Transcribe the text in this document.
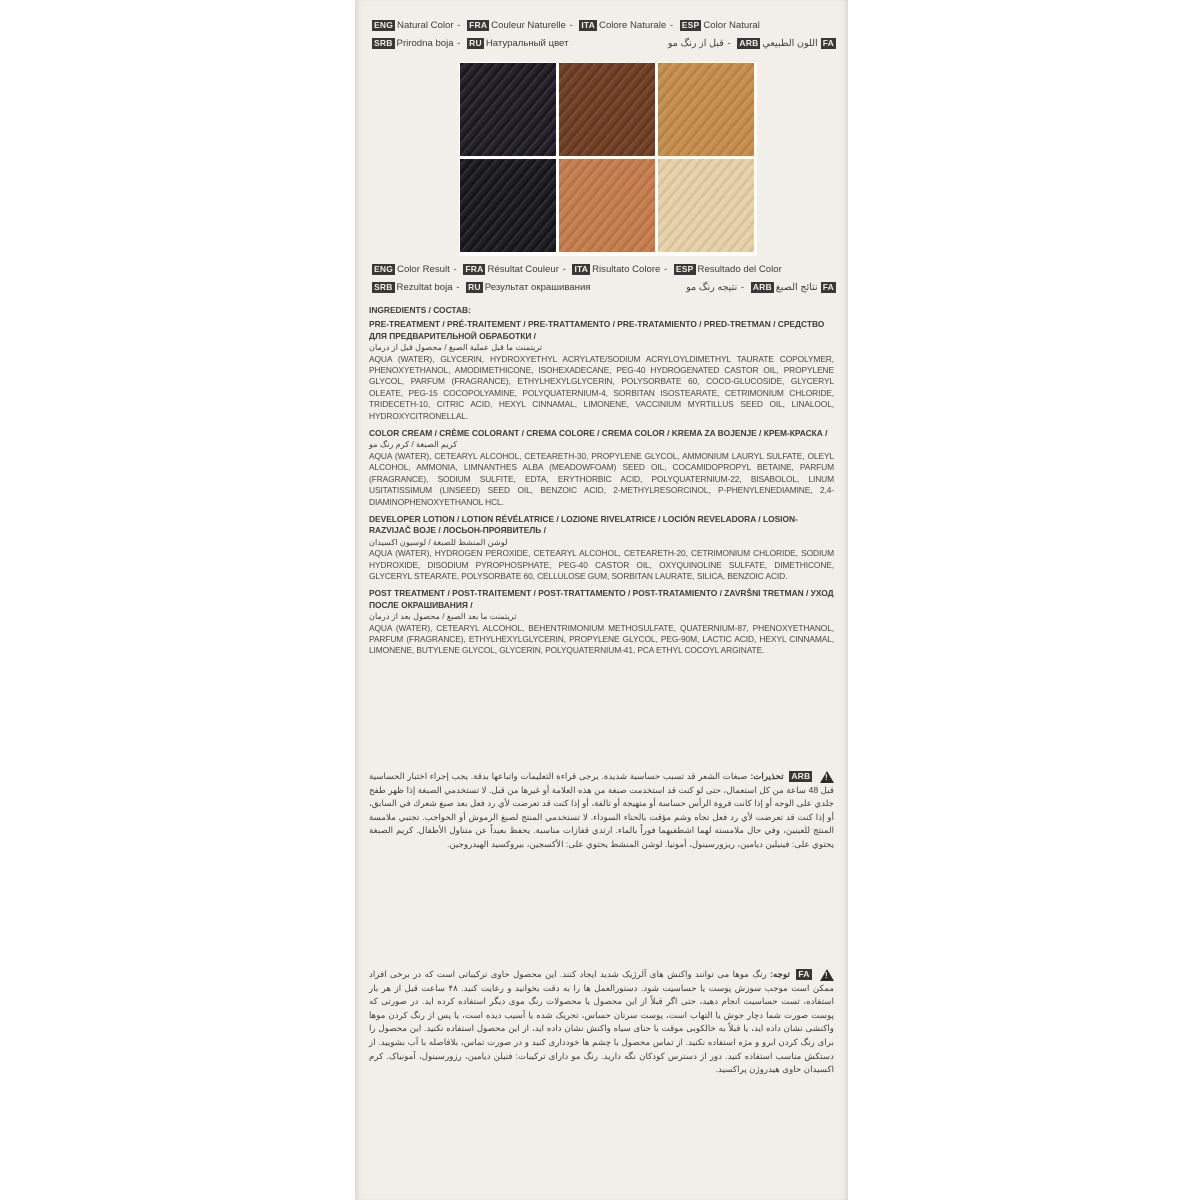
ENG Natural Color - FRA Couleur Naturelle - ITA Colore Naturale - ESP Color Natural
SRB Prirodna boja - RU Натуральный цвет	اللون الطبيعيARB - قبل از رنگ مو	FA
ENG Color Result - FRA Résultat Couleur - ITA Risultato Colore - ESP Resultado del Color
SRB Rezultat boja - RU Результат окрашивания	نتائج الصبغARB - نتیجه رنگ مو	FA
INGREDIENTS / СОСТАВ:
PRE-TREATMENT / PRÉ-TRAITEMENT / PRE-TRATTAMENTO / PRE-TRATAMIENTO / PRED-TRETMAN / СРЕДСТВО ДЛЯ ПРЕДВАРИТЕЛЬНОЙ ОБРАБОТКИ /
تريتمنت ما قبل عملية الصبغ / محصول قبل از درمان
AQUA (WATER), GLYCERIN, HYDROXYETHYL ACRYLATE/SODIUM ACRYLOYLDIMETHYL TAURATE COPOLYMER, PHENOXYETHANOL, AMODIMETHICONE, ISOHEXADECANE, PEG-40 HYDROGENATED CASTOR OIL, PROPYLENE GLYCOL, PARFUM (FRAGRANCE), ETHYLHEXYLGLYCERIN, POLYSORBATE 60, COCO-GLUCOSIDE, GLYCERYL OLEATE, PEG-15 COCOPOLYAMINE, POLYQUATERNIUM-4, SORBITAN ISOSTEARATE, CETRIMONIUM CHLORIDE, TRIDECETH-10, CITRIC ACID, HEXYL CINNAMAL, LIMONENE, VACCINIUM MYRTILLUS SEED OIL, LINALOOL, HYDROXYCITRONELLAL.
COLOR CREAM / CRÈME COLORANT / CREMA COLORE / CREMA COLOR / KREMA ZA BOJENJE / КРЕМ-КРАСКА /
كريم الصبغة / كرم رنگ مو
AQUA (WATER), CETEARYL ALCOHOL, CETEARETH-30, PROPYLENE GLYCOL, AMMONIUM LAURYL SULFATE, OLEYL ALCOHOL, AMMONIA, LIMNANTHES ALBA (MEADOWFOAM) SEED OIL, COCAMIDOPROPYL BETAINE, PARFUM (FRAGRANCE), SODIUM SULFITE, EDTA, ERYTHORBIC ACID, POLYQUATERNIUM-22, BISABOLOL, LINUM USITATISSIMUM (LINSEED) SEED OIL, BENZOIC ACID, 2-METHYLRESORCINOL, P-PHENYLENEDIAMINE, 2,4-DIAMINOPHENOXYETHANOL HCL.
DEVELOPER LOTION / LOTION RÉVÉLATRICE / LOZIONE RIVELATRICE / LOCIÓN REVELADORA / LOSION-RAZVIJAČ BOJE / ЛОСЬОН-ПРОЯВИТЕЛЬ /
لوشن المنشط للصبغة / لوسیون اکسیدان
AQUA (WATER), HYDROGEN PEROXIDE, CETEARYL ALCOHOL, CETEARETH-20, CETRIMONIUM CHLORIDE, SODIUM HYDROXIDE, DISODIUM PYROPHOSPHATE, PEG-40 CASTOR OIL, OXYQUINOLINE SULFATE, DIMETHICONE, GLYCERYL STEARATE, POLYSORBATE 60, CELLULOSE GUM, SORBITAN LAURATE, SILICA, BENZOIC ACID.
POST TREATMENT / POST-TRAITEMENT / POST-TRATTAMENTO / POST-TRATAMIENTO / ZAVRŠNI TRETMAN / УХОД ПОСЛЕ ОКРАШИВАНИЯ /
تريتمنت ما بعد الصبغ / محصول بعد از درمان
AQUA (WATER), CETEARYL ALCOHOL, BEHENTRIMONIUM METHOSULFATE, QUATERNIUM-87, PHENOXYETHANOL, PARFUM (FRAGRANCE), ETHYLHEXYLGLYCERIN, PROPYLENE GLYCOL, PEG-90M, LACTIC ACID, HEXYL CINNAMAL, LIMONENE, BUTYLENE GLYCOL, GLYCERIN, POLYQUATERNIUM-41, PCA ETHYL COCOYL ARGINATE.
! ARB تحذيرات: صبغات الشعر قد تسبب حساسية شديدة. يرجى قراءة التعليمات واتباعها بدقة. يجب إجراء اختبار الحساسية قبل 48 ساعة من كل استعمال، حتى لو كنت قد استخدمت صبغة من هذه العلامة أو غيرها من قبل. لا تستخدمي الصبغة إذا ظهر طفح جلدي على الوجه أو إذا كانت فروة الرأس حساسة أو متهيجة أو تالفة، أو إذا كنت قد تعرضت لأي رد فعل بعد صبغ شعرك في السابق، أو إذا كنت قد تعرضت لأي رد فعل تجاه وشم مؤقت بالحناء السوداء. لا تستخدمي المنتج لصبغ الرموش أو الحواجب. تجنبي ملامسة المنتج للعينين، وفي حال ملامسته لهما اشطفيهما فوراً بالماء. ارتدي قفازات مناسبة. يحفظ بعيداً عن متناول الأطفال. كريم الصبغة يحتوي على: فينيلين ديامين، ريزورسينول، أمونيا. لوشن المنشط يحتوي على: الأكسجين، بيروكسيد الهيدروجين.
! FA توجه: رنگ موها می توانند واکنش های آلرژیک شدید ایجاد کنند. این محصول حاوی ترکیباتی است که در برخی افراد ممکن است موجب سوزش پوست یا حساسیت شود. دستورالعمل ها را به دقت بخوانید و رعایت کنید. ۴۸ ساعت قبل از هر بار استفاده، تست حساسیت انجام دهید، حتی اگر قبلاً از این محصول یا محصولات رنگ موی دیگر استفاده کرده اید. در صورتی که پوست صورت شما دچار جوش یا التهاب است، پوست سرتان حساس، تحریک شده یا آسیب دیده است، یا پس از رنگ کردن موها واکنشی نشان داده اید، یا قبلاً به خالکوبی موقت با حنای سیاه واکنش نشان داده اید، از این محصول استفاده نکنید. این محصول را برای رنگ کردن ابرو و مژه استفاده نکنید. از تماس محصول با چشم ها خودداری کنید و در صورت تماس، بلافاصله با آب بشویید. از دستکش مناسب استفاده کنید. دور از دسترس کودکان نگه دارید. رنگ مو دارای ترکیبات: فنیلن دیامین، رزورسینول، آمونیاک. کرم اکسیدان حاوی هیدروژن پراکسید.
